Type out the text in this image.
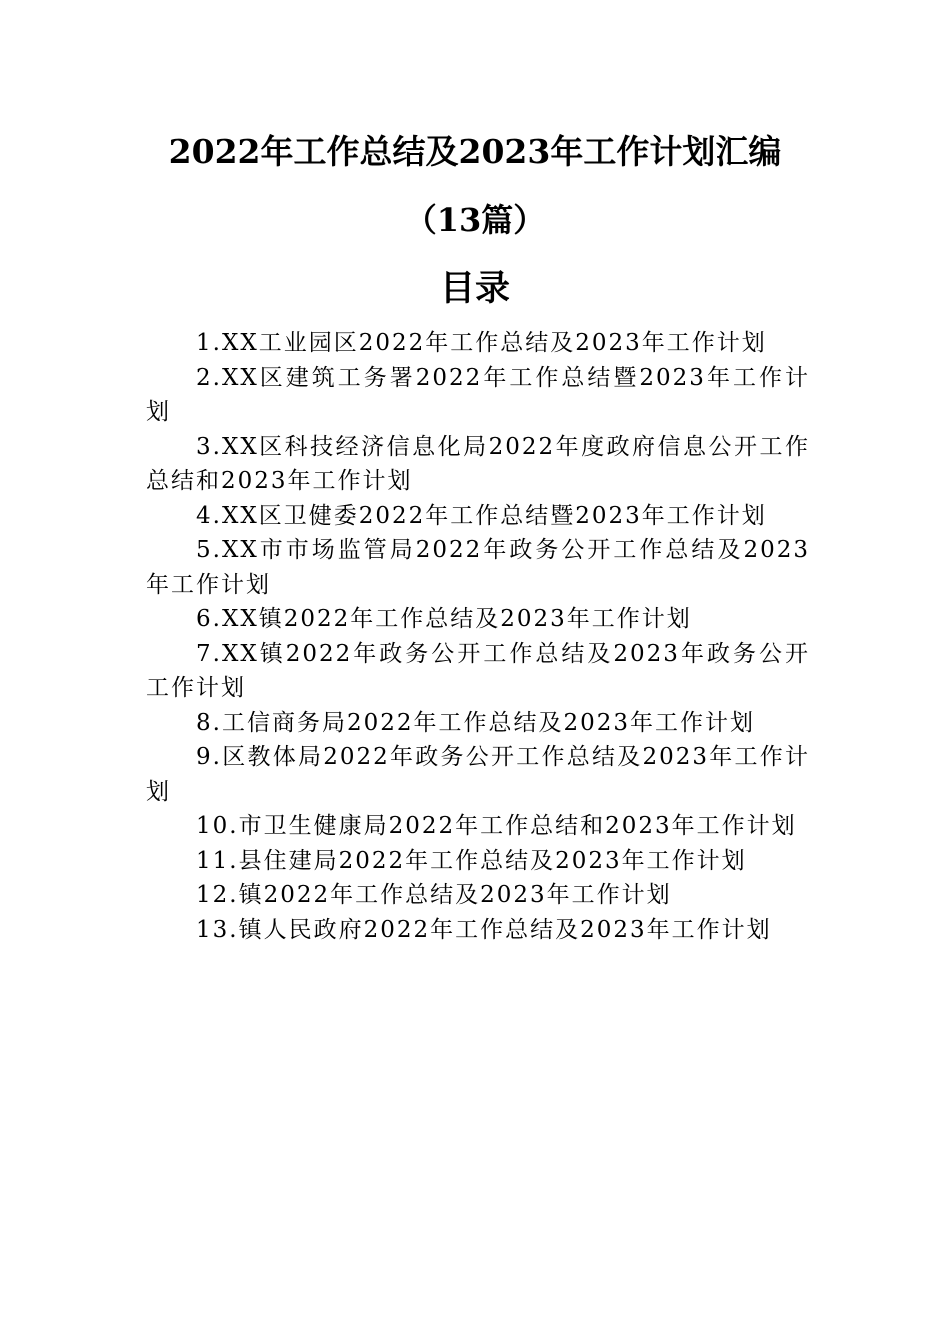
2022年工作总结及2023年工作计划汇编
（13篇）
目录
1.XX工业园区2022年工作总结及2023年工作计划
2.XX区建筑工务署2022年工作总结暨2023年工作计划
3.XX区科技经济信息化局2022年度政府信息公开工作总结和2023年工作计划
4.XX区卫健委2022年工作总结暨2023年工作计划
5.XX市市场监管局2022年政务公开工作总结及2023年工作计划
6.XX镇2022年工作总结及2023年工作计划
7.XX镇2022年政务公开工作总结及2023年政务公开工作计划
8.工信商务局2022年工作总结及2023年工作计划
9.区教体局2022年政务公开工作总结及2023年工作计划
10.市卫生健康局2022年工作总结和2023年工作计划
11.县住建局2022年工作总结及2023年工作计划
12.镇2022年工作总结及2023年工作计划
13.镇人民政府2022年工作总结及2023年工作计划
